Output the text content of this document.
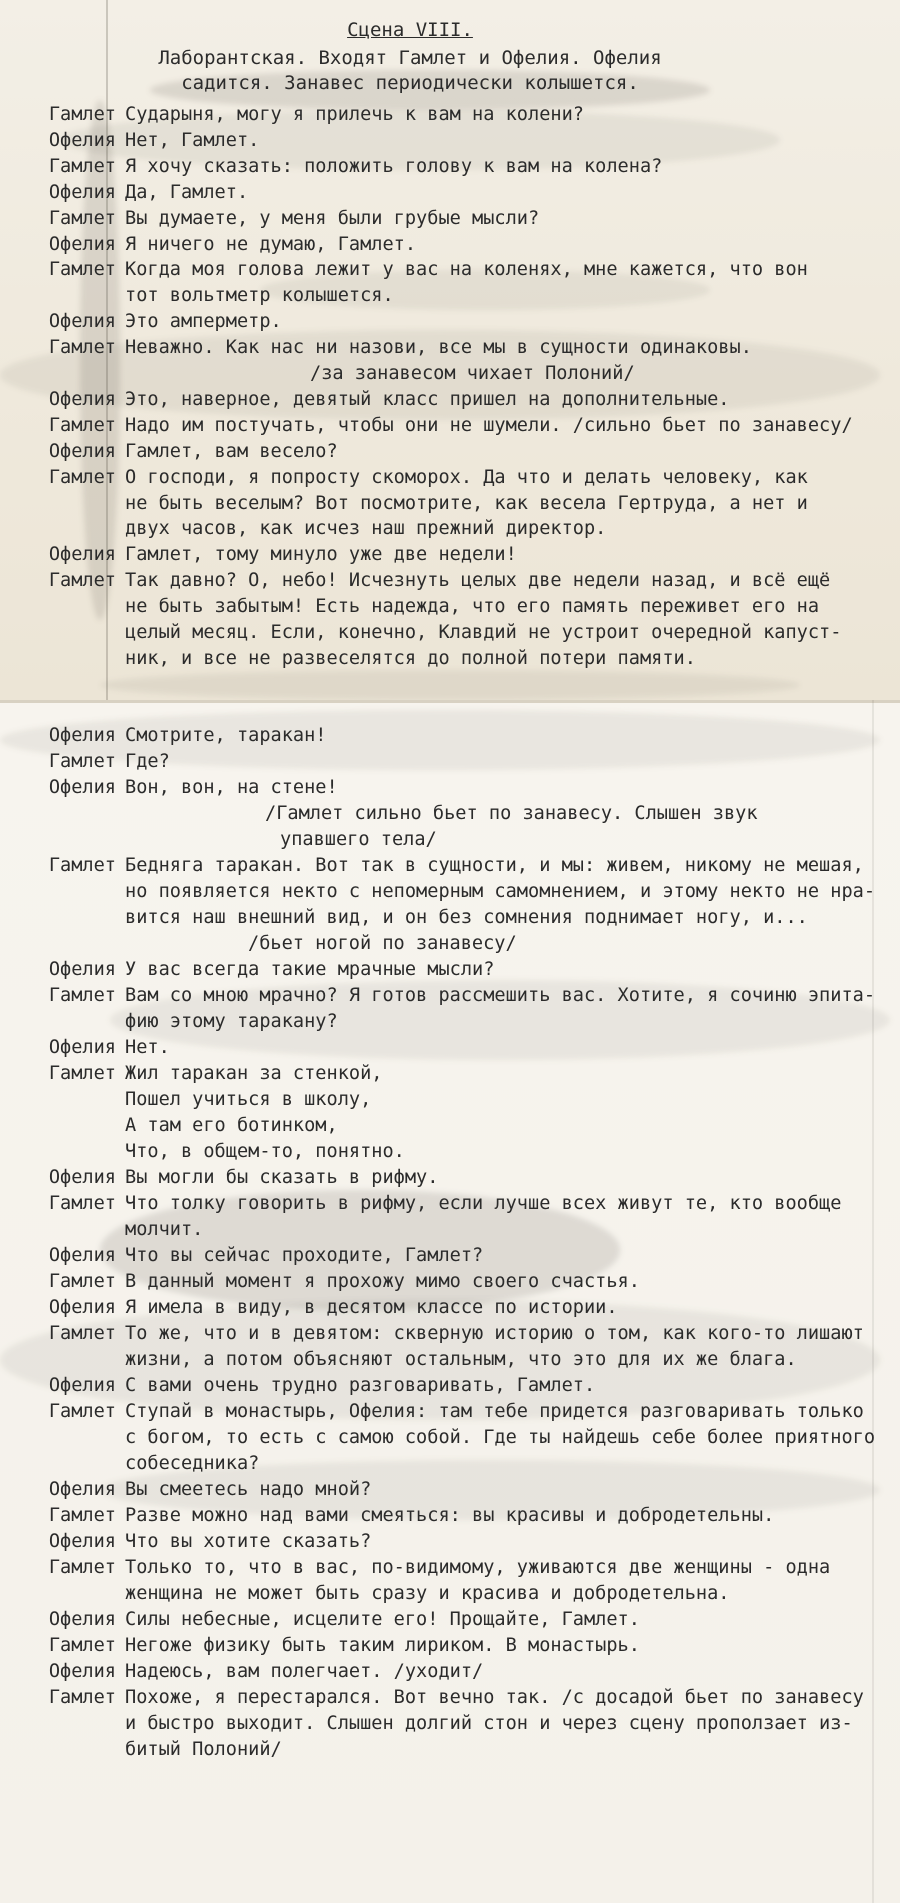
Сцена VIII.
Лаборантская. Входят Гамлет и Офелия. Офелия
садится. Занавес периодически колышется.
Гамлет Сударыня, могу я прилечь к вам на колени?
Офелия Нет, Гамлет.
Гамлет Я хочу сказать: положить голову к вам на колена?
Офелия Да, Гамлет.
Гамлет Вы думаете, у меня были грубые мысли?
Офелия Я ничего не думаю, Гамлет.
Гамлет Когда моя голова лежит у вас на коленях, мне кажется, что вон
тот вольтметр колышется.
Офелия Это амперметр.
Гамлет Неважно. Как нас ни назови, все мы в сущности одинаковы.
/за занавесом чихает Полоний/
Офелия Это, наверное, девятый класс пришел на дополнительные.
Гамлет Надо им постучать, чтобы они не шумели. /сильно бьет по занавесу/
Офелия Гамлет, вам весело?
Гамлет О господи, я попросту скоморох. Да что и делать человеку, как
не быть веселым? Вот посмотрите, как весела Гертруда, а нет и
двух часов, как исчез наш прежний директор.
Офелия Гамлет, тому минуло уже две недели!
Гамлет Так давно? О, небо! Исчезнуть целых две недели назад, и всё ещё
не быть забытым! Есть надежда, что его память переживет его на
целый месяц. Если, конечно, Клавдий не устроит очередной капуст-
ник, и все не развеселятся до полной потери памяти.
Офелия Смотрите, таракан!
Гамлет Где?
Офелия Вон, вон, на стене!
/Гамлет сильно бьет по занавесу. Слышен звук
упавшего тела/
Гамлет Бедняга таракан. Вот так в сущности, и мы: живем, никому не мешая,
но появляется некто с непомерным самомнением, и этому некто не нра-
вится наш внешний вид, и он без сомнения поднимает ногу, и...
/бьет ногой по занавесу/
Офелия У вас всегда такие мрачные мысли?
Гамлет Вам со мною мрачно? Я готов рассмешить вас. Хотите, я сочиню эпита-
фию этому таракану?
Офелия Нет.
Гамлет Жил таракан за стенкой,
Пошел учиться в школу,
А там его ботинком,
Что, в общем-то, понятно.
Офелия Вы могли бы сказать в рифму.
Гамлет Что толку говорить в рифму, если лучше всех живут те, кто вообще
молчит.
Офелия Что вы сейчас проходите, Гамлет?
Гамлет В данный момент я прохожу мимо своего счастья.
Офелия Я имела в виду, в десятом классе по истории.
Гамлет То же, что и в девятом: скверную историю о том, как кого-то лишают
жизни, а потом объясняют остальным, что это для их же блага.
Офелия С вами очень трудно разговаривать, Гамлет.
Гамлет Ступай в монастырь, Офелия: там тебе придется разговаривать только
с богом, то есть с самою собой. Где ты найдешь себе более приятного
собеседника?
Офелия Вы смеетесь надо мной?
Гамлет Разве можно над вами смеяться: вы красивы и добродетельны.
Офелия Что вы хотите сказать?
Гамлет Только то, что в вас, по-видимому, уживаются две женщины - одна
женщина не может быть сразу и красива и добродетельна.
Офелия Силы небесные, исцелите его! Прощайте, Гамлет.
Гамлет Негоже физику быть таким лириком. В монастырь.
Офелия Надеюсь, вам полегчает. /уходит/
Гамлет Похоже, я перестарался. Вот вечно так. /с досадой бьет по занавесу
и быстро выходит. Слышен долгий стон и через сцену проползает из-
битый Полоний/
